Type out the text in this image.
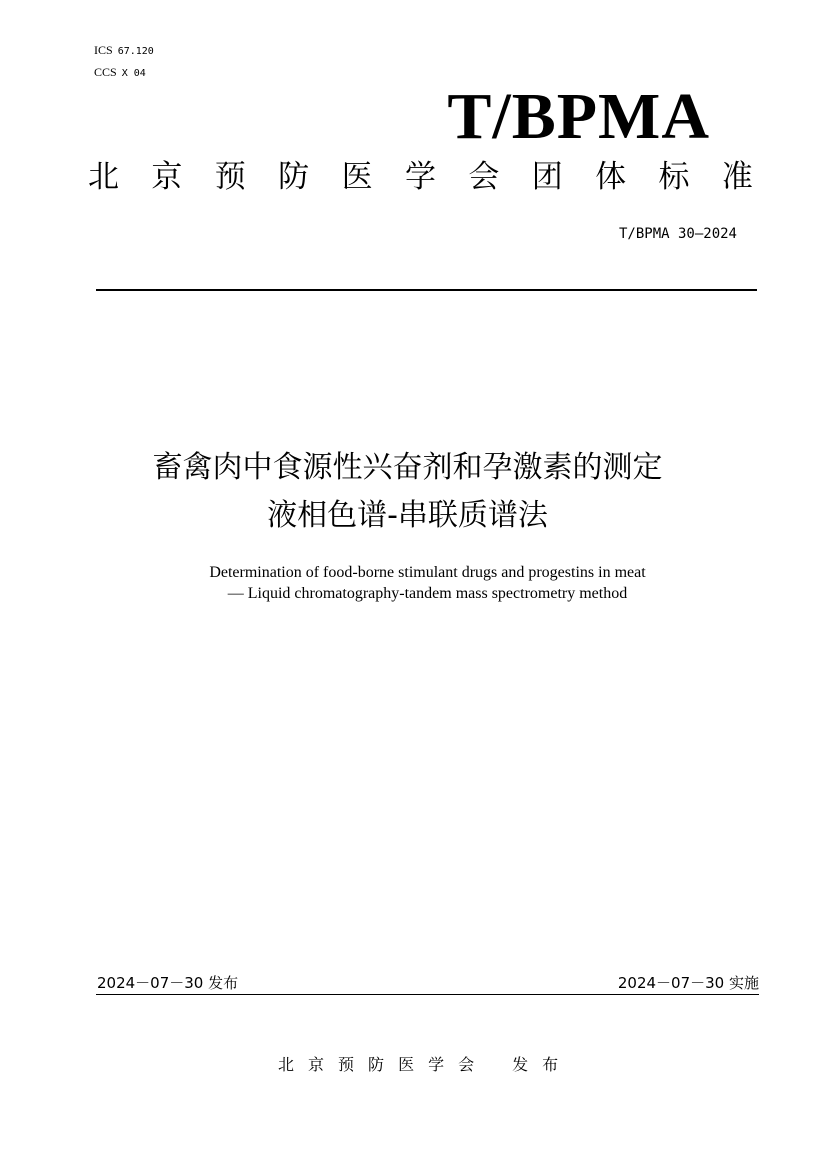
ICS 67.120
CCS X 04
T/BPMA
北 京 预 防 医 学 会 团 体 标 准
T/BPMA 30—2024
畜禽肉中食源性兴奋剂和孕激素的测定
液相色谱-串联质谱法
Determination of food-borne stimulant drugs and progestins in meat
— Liquid chromatography-tandem mass spectrometry method
2024－07－30 发布	2024－07－30 实施
北 京 预 防 医 学 会	发 布
